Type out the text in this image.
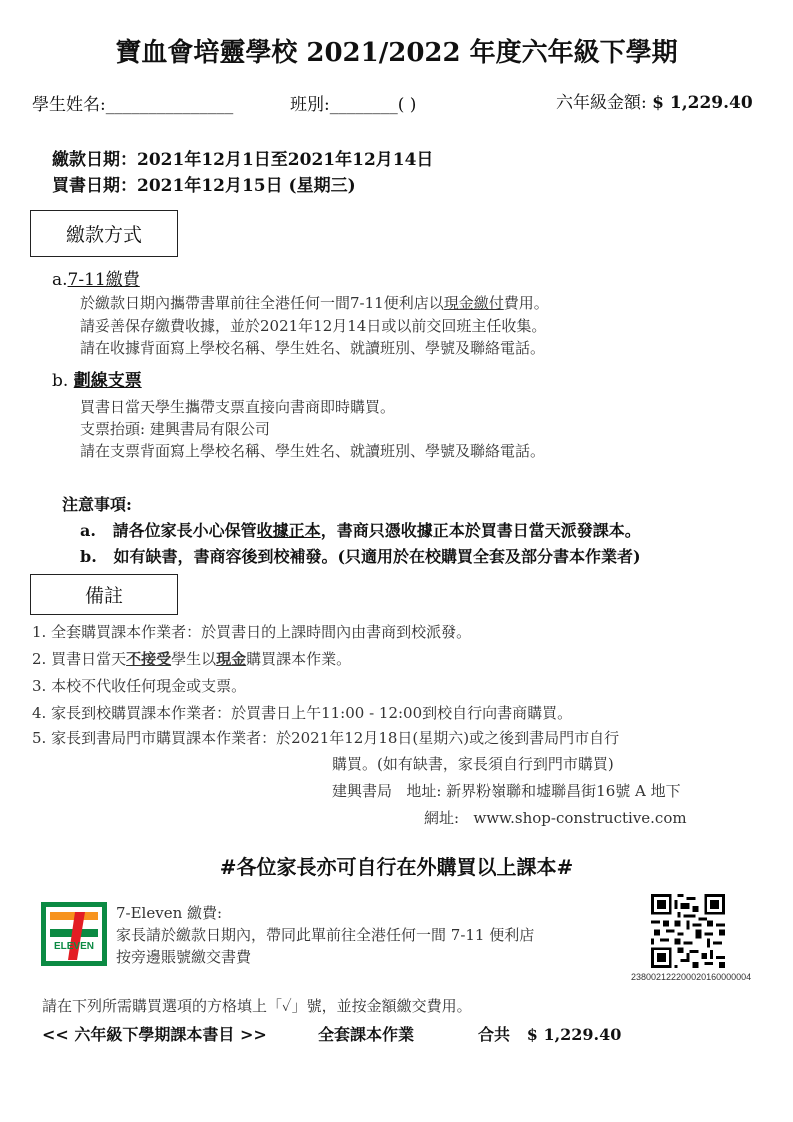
寶血會培靈學校 2021/2022 年度六年級下學期
學生姓名:_______________	班別:________( )	六年級金額: $ 1,229.40
繳款日期：2021年12月1日至2021年12月14日
買書日期：2021年12月15日 (星期三)
繳款方式
a.7-11繳費
於繳款日期內攜帶書單前往全港任何一間7-11便利店以現金繳付費用。
請妥善保存繳費收據，並於2021年12月14日或以前交回班主任收集。
請在收據背面寫上學校名稱、學生姓名、就讀班別、學號及聯絡電話。
b. 劃線支票
買書日當天學生攜帶支票直接向書商即時購買。
支票抬頭: 建興書局有限公司
請在支票背面寫上學校名稱、學生姓名、就讀班別、學號及聯絡電話。
注意事項:
a. 請各位家長小心保管收據正本，書商只憑收據正本於買書日當天派發課本。
b. 如有缺書，書商容後到校補發。(只適用於在校購買全套及部分書本作業者)
備註
1. 全套購買課本作業者：於買書日的上課時間內由書商到校派發。
2. 買書日當天不接受學生以現金購買課本作業。
3. 本校不代收任何現金或支票。
4. 家長到校購買課本作業者：於買書日上午11:00 - 12:00到校自行向書商購買。
5. 家長到書局門市購買課本作業者：於2021年12月18日(星期六)或之後到書局門市自行
購買。(如有缺書，家長須自行到門市購買)
建興書局 地址: 新界粉嶺聯和墟聯昌街16號 A 地下
網址: www.shop-constructive.com
#各位家長亦可自行在外購買以上課本#
ELEVEN
7-Eleven 繳費:
家長請於繳款日期內，帶同此單前往全港任何一間 7-11 便利店
按旁邊賬號繳交書費
238002122200020160000004
請在下列所需購買選項的方格填上「✓」號，並按金額繳交費用。
<< 六年級下學期課本書目 >>	全套課本作業	合共 $ 1,229.40
